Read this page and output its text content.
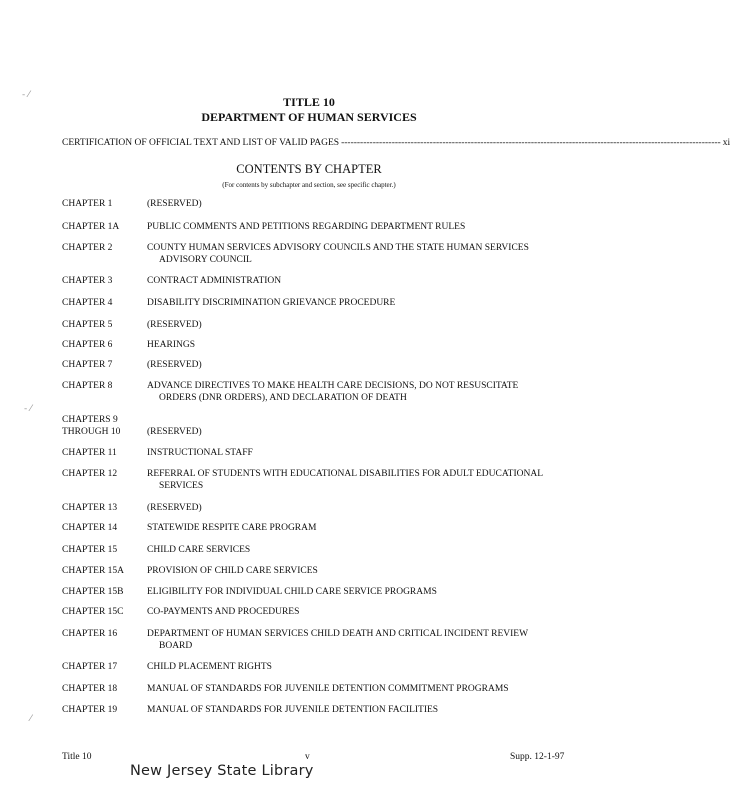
- ⁄
- ⁄
⁄
TITLE 10
DEPARTMENT OF HUMAN SERVICES
CERTIFICATION OF OFFICIAL TEXT AND LIST OF VALID PAGES ------------------------------------------------------------------------------------------------------------------------ xi
CONTENTS BY CHAPTER
(For contents by subchapter and section, see specific chapter.)
CHAPTER 1	(RESERVED)
CHAPTER 1A	PUBLIC COMMENTS AND PETITIONS REGARDING DEPARTMENT RULES
CHAPTER 2	COUNTY HUMAN SERVICES ADVISORY COUNCILS AND THE STATE HUMAN SERVICES
ADVISORY COUNCIL
CHAPTER 3	CONTRACT ADMINISTRATION
CHAPTER 4	DISABILITY DISCRIMINATION GRIEVANCE PROCEDURE
CHAPTER 5	(RESERVED)
CHAPTER 6	HEARINGS
CHAPTER 7	(RESERVED)
CHAPTER 8	ADVANCE DIRECTIVES TO MAKE HEALTH CARE DECISIONS, DO NOT RESUSCITATE
ORDERS (DNR ORDERS), AND DECLARATION OF DEATH
CHAPTERS 9
THROUGH 10	(RESERVED)
CHAPTER 11	INSTRUCTIONAL STAFF
CHAPTER 12	REFERRAL OF STUDENTS WITH EDUCATIONAL DISABILITIES FOR ADULT EDUCATIONAL
SERVICES
CHAPTER 13	(RESERVED)
CHAPTER 14	STATEWIDE RESPITE CARE PROGRAM
CHAPTER 15	CHILD CARE SERVICES
CHAPTER 15A	PROVISION OF CHILD CARE SERVICES
CHAPTER 15B	ELIGIBILITY FOR INDIVIDUAL CHILD CARE SERVICE PROGRAMS
CHAPTER 15C	CO-PAYMENTS AND PROCEDURES
CHAPTER 16	DEPARTMENT OF HUMAN SERVICES CHILD DEATH AND CRITICAL INCIDENT REVIEW
BOARD
CHAPTER 17	CHILD PLACEMENT RIGHTS
CHAPTER 18	MANUAL OF STANDARDS FOR JUVENILE DETENTION COMMITMENT PROGRAMS
CHAPTER 19	MANUAL OF STANDARDS FOR JUVENILE DETENTION FACILITIES
Title 10	v	Supp. 12-1-97
New Jersey State Library
